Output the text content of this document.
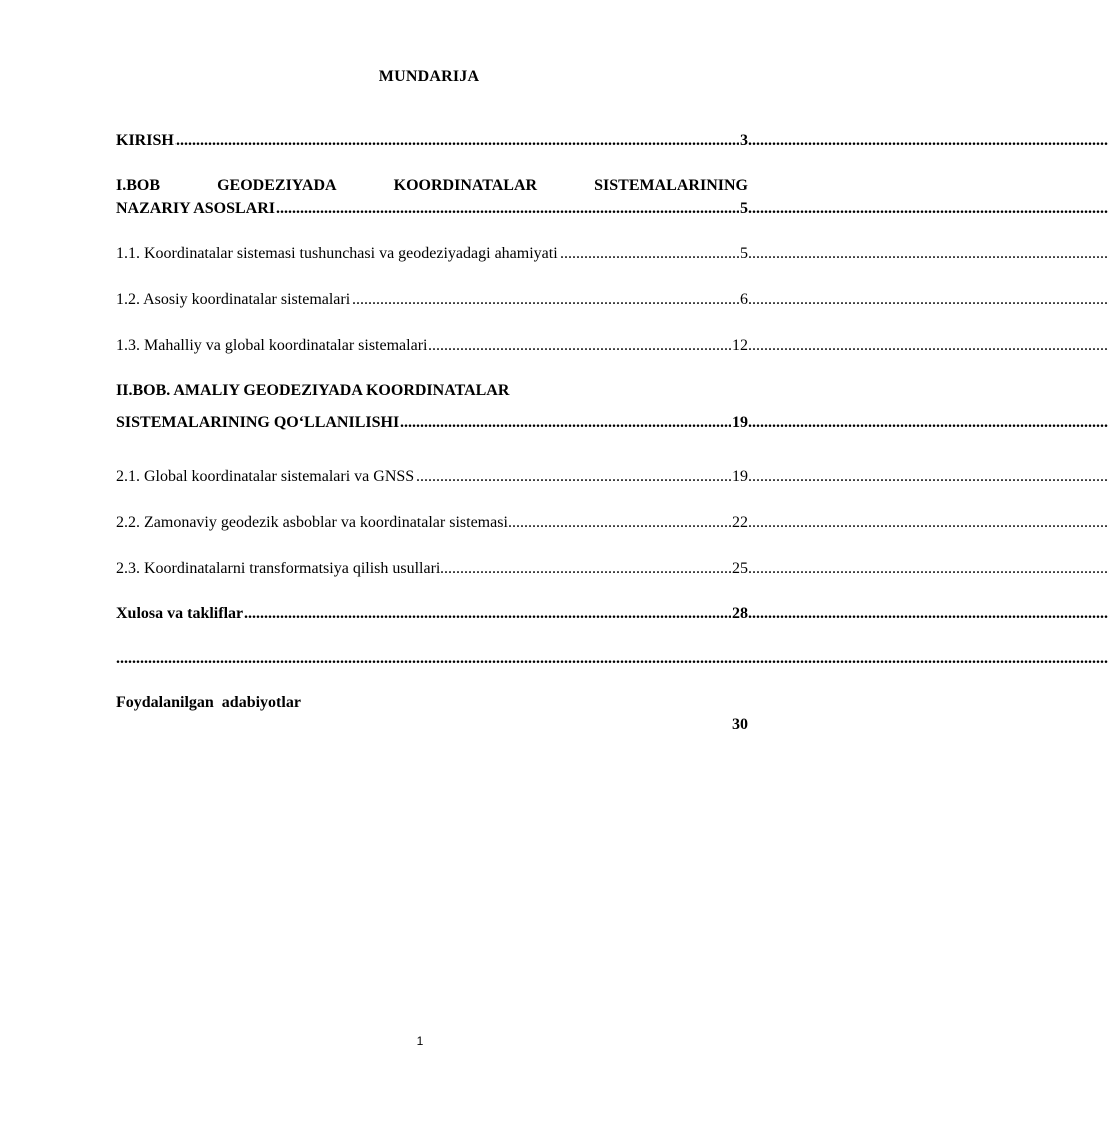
MUNDARIJA
.....
KIRISH	3
I.BOB	GEODEZIYADA	KOORDINATALAR	SISTEMALARINING
.....
NAZARIY ASOSLARI	5
.....
1.1. Koordinatalar sistemasi tushunchasi va geodeziyadagi ahamiyati	5
.....
1.2. Asosiy koordinatalar sistemalari	6
.....
1.3. Mahalliy va global koordinatalar sistemalari	12
II.BOB. AMALIY GEODEZIYADA KOORDINATALAR
.....
SISTEMALARINING QO‘LLANILISHI	19
.....
2.1. Global koordinatalar sistemalari va GNSS	19
.....
2.2. Zamonaviy geodezik asboblar va koordinatalar sistemasi	22
.....
2.3. Koordinatalarni transformatsiya qilish usullari	25
.....
Xulosa va takliflar	28

.....

Foydalanilgan  adabiyotlar

30

1
